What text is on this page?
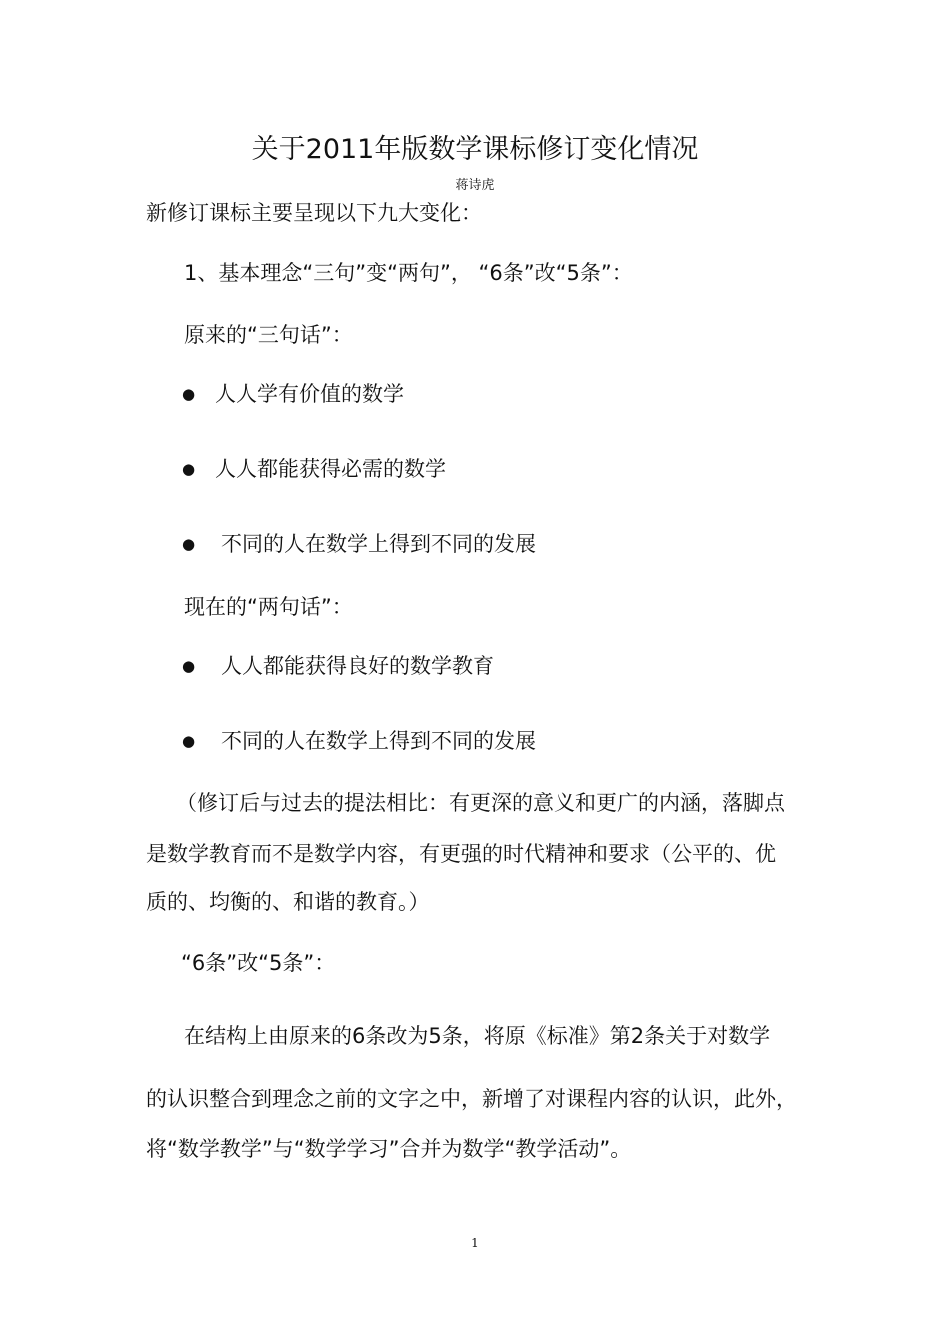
关于2011年版数学课标修订变化情况
蒋诗虎
新修订课标主要呈现以下九大变化：
1、基本理念“三句”变“两句”， “6条”改“5条”：
原来的“三句话”：
● 人人学有价值的数学
● 人人都能获得必需的数学
● 不同的人在数学上得到不同的发展
现在的“两句话”：
● 人人都能获得良好的数学教育
● 不同的人在数学上得到不同的发展
（修订后与过去的提法相比：有更深的意义和更广的内涵，落脚点
是数学教育而不是数学内容，有更强的时代精神和要求（公平的、优
质的、均衡的、和谐的教育。）
“6条”改“5条”：
在结构上由原来的6条改为5条，将原《标准》第2条关于对数学
的认识整合到理念之前的文字之中，新增了对课程内容的认识，此外，
将“数学教学”与“数学学习”合并为数学“教学活动”。
1
